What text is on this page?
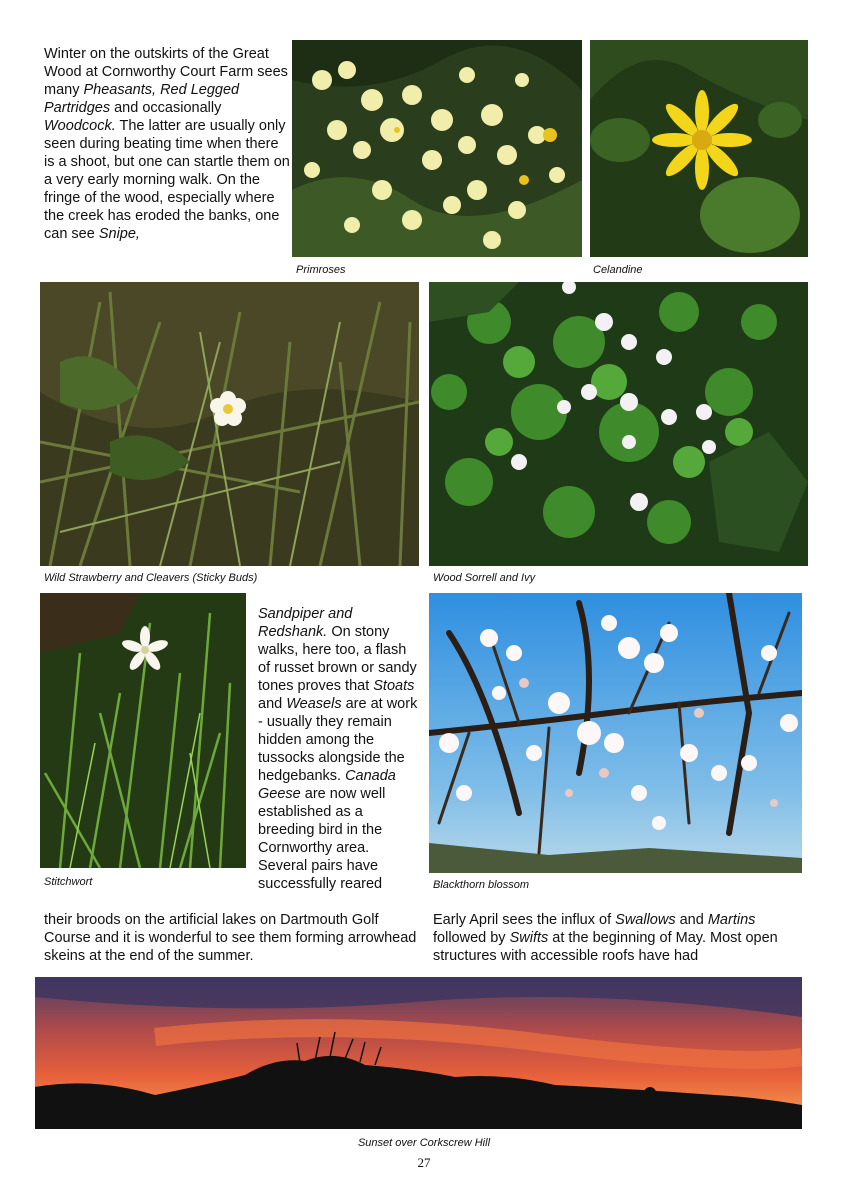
Winter on the outskirts of the Great Wood at Cornworthy Court Farm sees many Pheasants, Red Legged Partridges and occasionally Woodcock. The latter are usually only seen during beating time when there is a shoot, but one can startle them on a very early morning walk. On the fringe of the wood, especially where the creek has eroded the banks, one can see Snipe,

Primroses	Celandine
Wild Strawberry and Cleavers (Sticky Buds)	Wood Sorrell and Ivy

Sandpiper and Redshank. On stony walks, here too, a flash of russet brown or sandy tones proves that Stoats and Weasels are at work - usually they remain hidden among the tussocks alongside the hedgebanks. Canada Geese are now well established as a breeding bird in the Cornworthy area. Several pairs have successfully reared

Stitchwort	Blackthorn blossom

their broods on the artificial lakes on Dartmouth Golf Course and it is wonderful to see them forming arrowhead skeins at the end of the summer.

Early April sees the influx of Swallows and Martins followed by Swifts at the beginning of May. Most open structures with accessible roofs have had

Sunset over Corkscrew Hill
27
